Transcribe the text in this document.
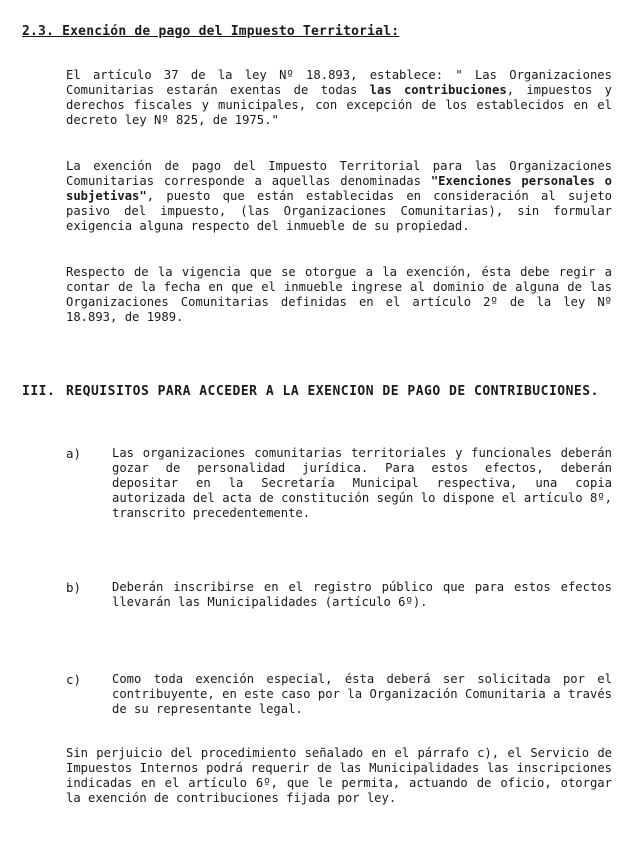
2.3. Exención de pago del Impuesto Territorial:

El artículo 37 de la ley Nº 18.893, establece: " Las Organizaciones Comunitarias estarán exentas de todas las contribuciones, impuestos y derechos fiscales y municipales, con excepción de los establecidos en el decreto ley Nº 825, de 1975."

La exención de pago del Impuesto Territorial para las Organizaciones Comunitarias corresponde a aquellas denominadas "Exenciones personales o subjetivas", puesto que están establecidas en consideración al sujeto pasivo del impuesto, (las Organizaciones Comunitarias), sin formular exigencia alguna respecto del inmueble de su propiedad.

Respecto de la vigencia que se otorgue a la exención, ésta debe regir a contar de la fecha en que el inmueble ingrese al dominio de alguna de las Organizaciones Comunitarias definidas en el artículo 2º de la ley Nº 18.893, de 1989.

III. REQUISITOS PARA ACCEDER A LA EXENCION DE PAGO DE CONTRIBUCIONES.
a)	Las organizaciones comunitarias territoriales y funcionales deberán gozar de personalidad jurídica. Para estos efectos, deberán depositar en la Secretaría Municipal respectiva, una copia autorizada del acta de constitución según lo dispone el artículo 8º, transcrito precedentemente.

b)	Deberán inscribirse en el registro público que para estos efectos llevarán las Municipalidades (artículo 6º).

c)	Como toda exención especial, ésta deberá ser solicitada por el contribuyente, en este caso por la Organización Comunitaria a través de su representante legal.

Sin perjuicio del procedimiento señalado en el párrafo c), el Servicio de Impuestos Internos podrá requerir de las Municipalidades las inscripciones indicadas en el artículo 6º, que le permita, actuando de oficio, otorgar la exención de contribuciones fijada por ley.
